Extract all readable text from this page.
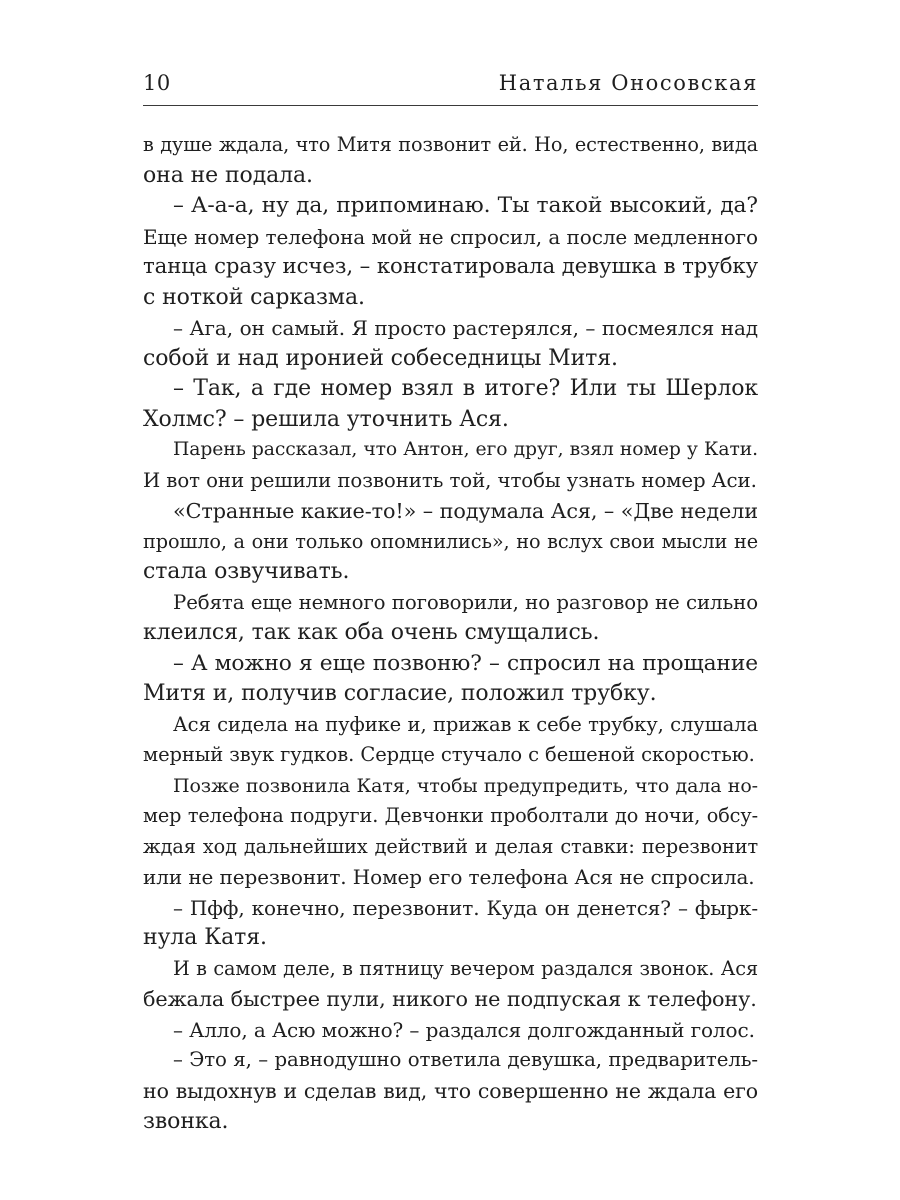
10	Наталья Оносовская
в душе ждала, что Митя позвонит ей. Но, естественно, вида
она не подала.
– А-а-а, ну да, припоминаю. Ты такой высокий, да?
Еще номер телефона мой не спросил, а после медленного
танца сразу исчез, – констатировала девушка в трубку
с ноткой сарказма.
– Ага, он самый. Я просто растерялся, – посмеялся над
собой и над иронией собеседницы Митя.
– Так, а где номер взял в итоге? Или ты Шерлок
Холмс? – решила уточнить Ася.
Парень рассказал, что Антон, его друг, взял номер у Кати.
И вот они решили позвонить той, чтобы узнать номер Аси.
«Странные какие-то!» – подумала Ася, – «Две недели
прошло, а они только опомнились», но вслух свои мысли не
стала озвучивать.
Ребята еще немного поговорили, но разговор не сильно
клеился, так как оба очень смущались.
– А можно я еще позвоню? – спросил на прощание
Митя и, получив согласие, положил трубку.
Ася сидела на пуфике и, прижав к себе трубку, слушала
мерный звук гудков. Сердце стучало с бешеной скоростью.
Позже позвонила Катя, чтобы предупредить, что дала но-
мер телефона подруги. Девчонки проболтали до ночи, обсу-
ждая ход дальнейших действий и делая ставки: перезвонит
или не перезвонит. Номер его телефона Ася не спросила.
– Пфф, конечно, перезвонит. Куда он денется? – фырк-
нула Катя.
И в самом деле, в пятницу вечером раздался звонок. Ася
бежала быстрее пули, никого не подпуская к телефону.
– Алло, а Асю можно? – раздался долгожданный голос.
– Это я, – равнодушно ответила девушка, предваритель-
но выдохнув и сделав вид, что совершенно не ждала его
звонка.
